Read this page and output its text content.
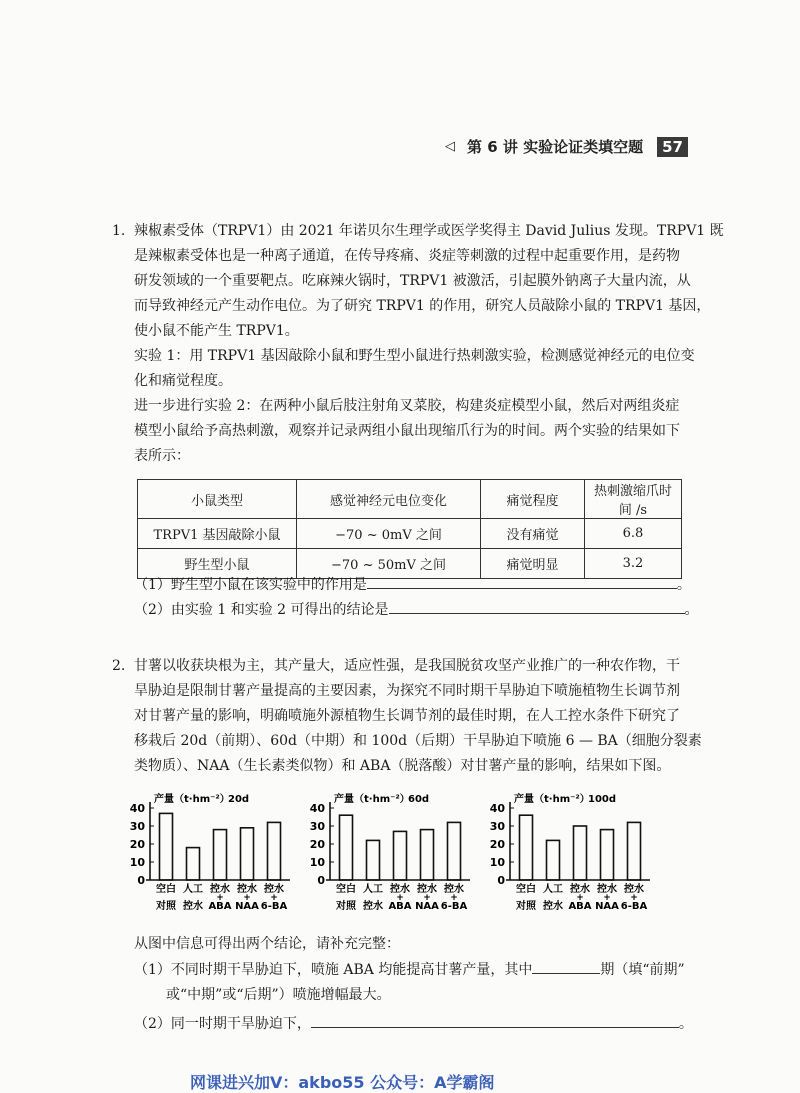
◁ 第 6 讲 实验论证类填空题	57
1. 辣椒素受体（TRPV1）由 2021 年诺贝尔生理学或医学奖得主 David Julius 发现。TRPV1 既
是辣椒素受体也是一种离子通道，在传导疼痛、炎症等刺激的过程中起重要作用，是药物
研发领域的一个重要靶点。吃麻辣火锅时，TRPV1 被激活，引起膜外钠离子大量内流，从
而导致神经元产生动作电位。为了研究 TRPV1 的作用，研究人员敲除小鼠的 TRPV1 基因，
使小鼠不能产生 TRPV1。
实验 1：用 TRPV1 基因敲除小鼠和野生型小鼠进行热刺激实验，检测感觉神经元的电位变
化和痛觉程度。
进一步进行实验 2：在两种小鼠后肢注射角叉菜胶，构建炎症模型小鼠，然后对两组炎症
模型小鼠给予高热刺激，观察并记录两组小鼠出现缩爪行为的时间。两个实验的结果如下
表所示：
小鼠类型	感觉神经元电位变化	痛觉程度	热刺激缩爪时间 /s
TRPV1 基因敲除小鼠	−70 ~ 0mV 之间	没有痛觉	6.8
野生型小鼠	−70 ~ 50mV 之间	痛觉明显	3.2
（1）野生型小鼠在该实验中的作用是	。
（2）由实验 1 和实验 2 可得出的结论是	。
2. 甘薯以收获块根为主，其产量大，适应性强，是我国脱贫攻坚产业推广的一种农作物，干
旱胁迫是限制甘薯产量提高的主要因素，为探究不同时期干旱胁迫下喷施植物生长调节剂
对甘薯产量的影响，明确喷施外源植物生长调节剂的最佳时期，在人工控水条件下研究了
移栽后 20d（前期）、60d（中期）和 100d（后期）干旱胁迫下喷施 6 — BA（细胞分裂素
类物质）、NAA（生长素类似物）和 ABA（脱落酸）对甘薯产量的影响，结果如下图。
产量（t·hm⁻²）
20d
0
10
20
30
40
空白
对照
人工
控水
控水
+
ABA
控水
+
NAA
控水
+
6-BA
产量（t·hm⁻²）
60d
0
10
20
30
40
空白
对照
人工
控水
控水
+
ABA
控水
+
NAA
控水
+
6-BA
产量（t·hm⁻²）
100d
0
10
20
30
40
空白
对照
人工
控水
控水
+
ABA
控水
+
NAA
控水
+
6-BA
从图中信息可得出两个结论，请补充完整：
（1）不同时期干旱胁迫下，喷施 ABA 均能提高甘薯产量，其中	期（填“前期”
或“中期”或“后期”）喷施增幅最大。
（2）同一时期干旱胁迫下，	。
网课进兴加V：akbo55 公众号：A学霸阁
